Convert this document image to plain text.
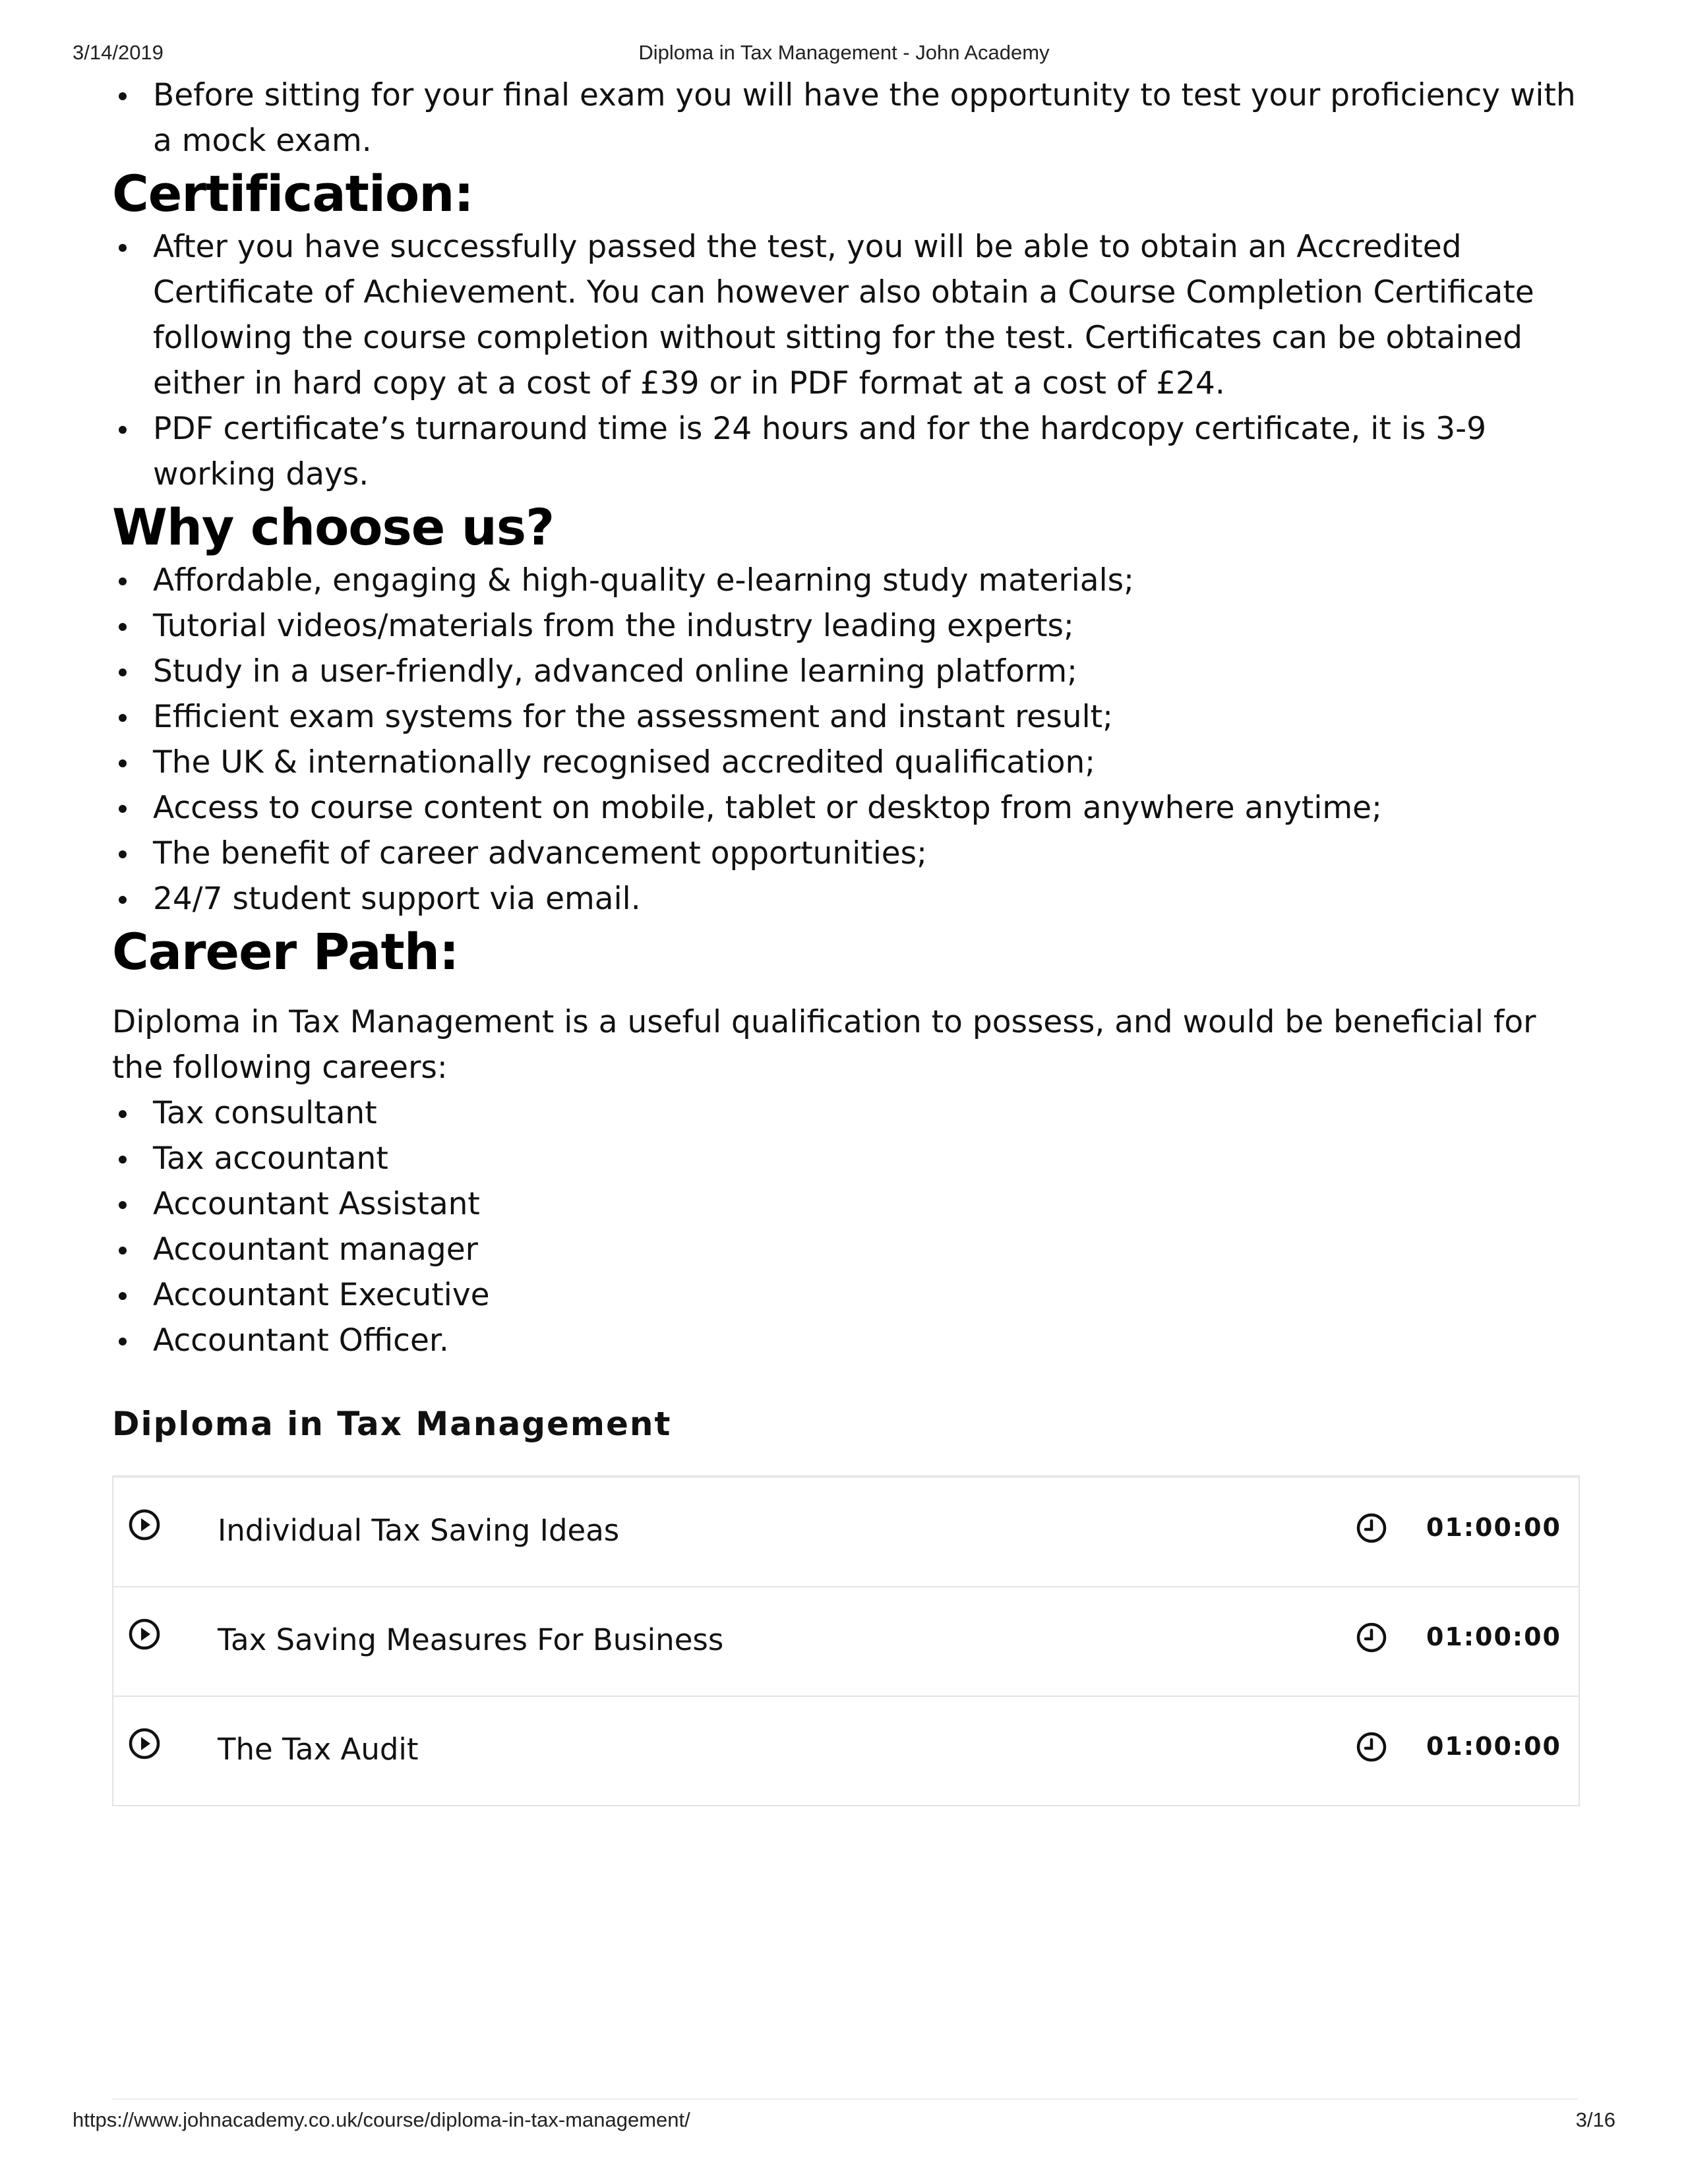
3/14/2019	Diploma in Tax Management - John Academy
Before sitting for your final exam you will have the opportunity to test your proficiency with a mock exam.
Certification:
After you have successfully passed the test, you will be able to obtain an Accredited Certificate of Achievement. You can however also obtain a Course Completion Certificate following the course completion without sitting for the test. Certificates can be obtained either in hard copy at a cost of £39 or in PDF format at a cost of £24.
PDF certificate’s turnaround time is 24 hours and for the hardcopy certificate, it is 3-9 working days.
Why choose us?
Affordable, engaging & high-quality e-learning study materials;
Tutorial videos/materials from the industry leading experts;
Study in a user-friendly, advanced online learning platform;
Efficient exam systems for the assessment and instant result;
The UK & internationally recognised accredited qualification;
Access to course content on mobile, tablet or desktop from anywhere anytime;
The benefit of career advancement opportunities;
24/7 student support via email.
Career Path:

Diploma in Tax Management is a useful qualification to possess, and would be beneficial for the following careers:

Tax consultant
Tax accountant
Accountant Assistant
Accountant manager
Accountant Executive
Accountant Officer.
Diploma in Tax Management
Individual Tax Saving Ideas	01:00:00
Tax Saving Measures For Business	01:00:00
The Tax Audit	01:00:00
https://www.johnacademy.co.uk/course/diploma-in-tax-management/	3/16
